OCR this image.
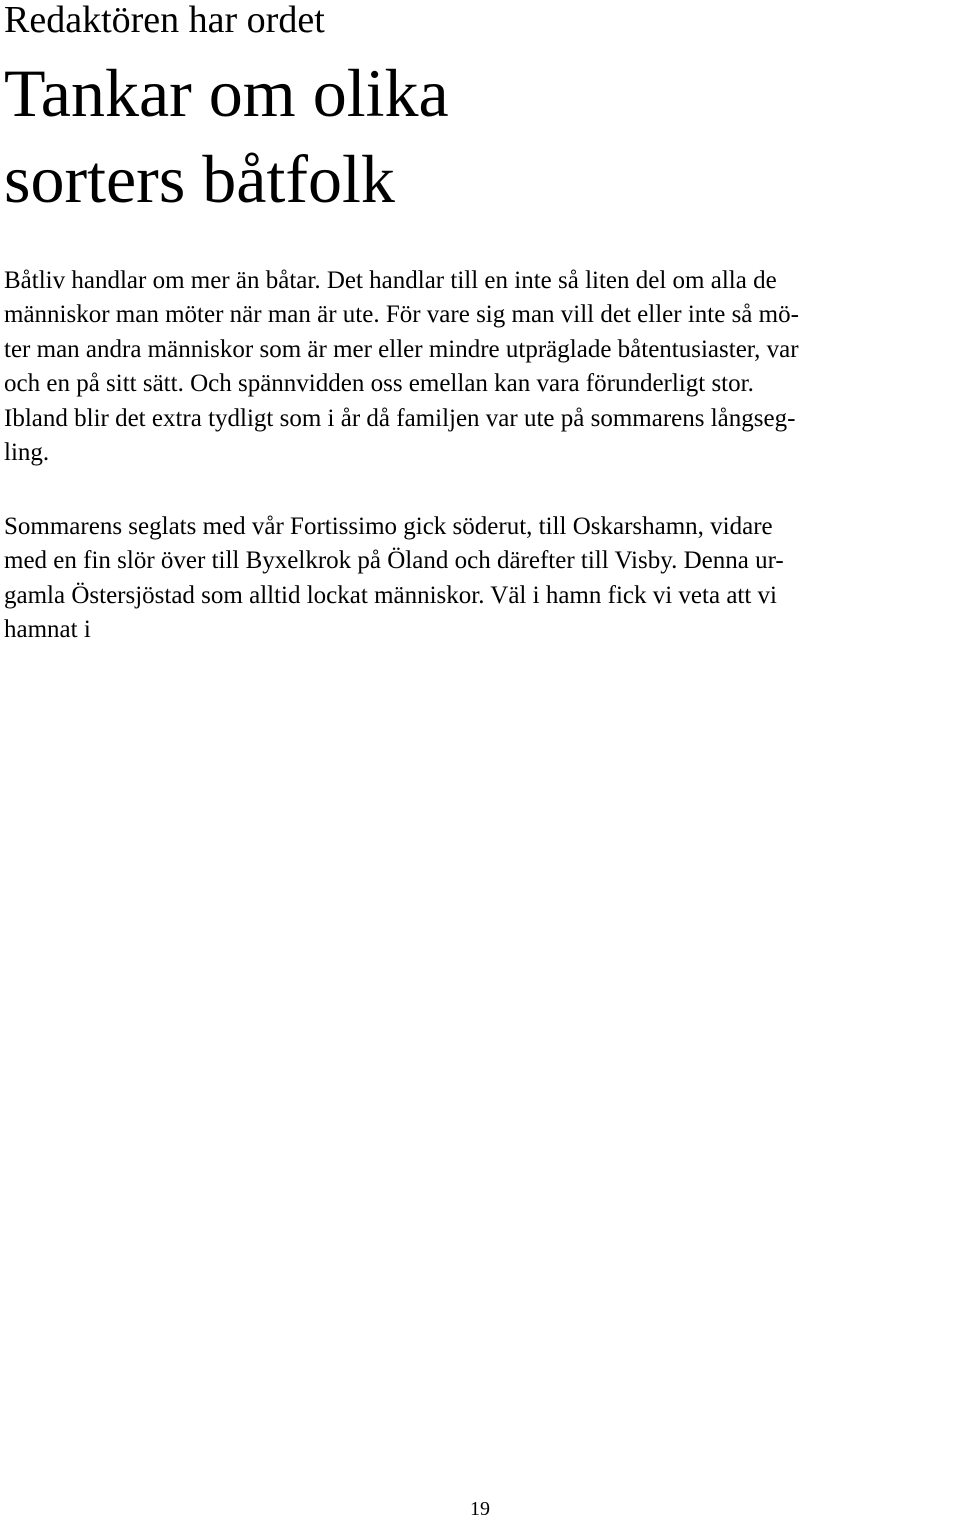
Redaktören har ordet
Tankar om olika
sorters båtfolk

Båtliv handlar om mer än båtar. Det handlar till en inte så liten del om alla de
människor man möter när man är ute. För vare sig man vill det eller inte så mö-
ter man andra människor som är mer eller mindre utpräglade båtentusiaster, var
och en på sitt sätt. Och spännvidden oss emellan kan vara förunderligt stor.
Ibland blir det extra tydligt som i år då familjen var ute på sommarens långseg-
ling.

Sommarens seglats med vår Fortissimo gick söderut, till Oskarshamn, vidare
med en fin slör över till Byxelkrok på Öland och därefter till Visby. Denna ur-
gamla Östersjöstad som alltid lockat människor. Väl i hamn fick vi veta att vi
hamnat i

19
